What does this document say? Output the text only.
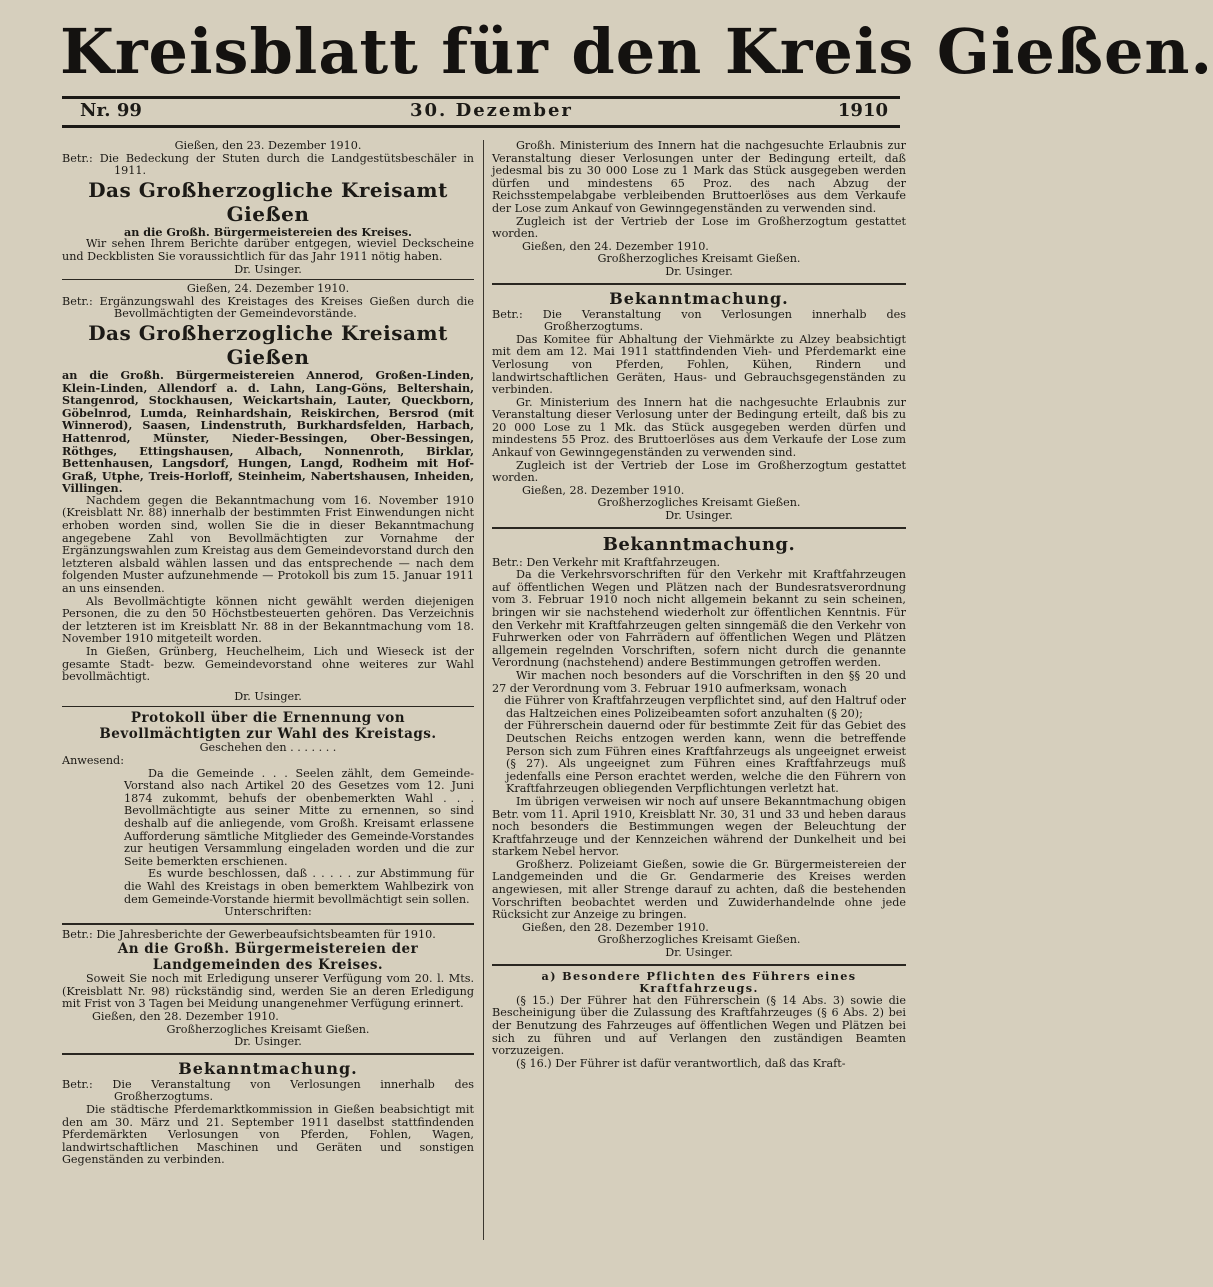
Kreisblatt für den Kreis Gießen.
Nr. 99	30. Dezember	1910

Gießen, den 23. Dezember 1910.

Betr.: Die Bedeckung der Stuten durch die Landgestütsbeschäler in 1911.

Das Großherzogliche Kreisamt Gießen

an die Großh. Bürgermeistereien des Kreises.

Wir sehen Ihrem Berichte darüber entgegen, wieviel Deckscheine und Deckblisten Sie voraussichtlich für das Jahr 1911 nötig haben.

Dr. Usinger.

Gießen, 24. Dezember 1910.

Betr.: Ergänzungswahl des Kreistages des Kreises Gießen durch die Bevollmächtigten der Gemeindevorstände.

Das Großherzogliche Kreisamt Gießen

an die Großh. Bürgermeistereien Annerod, Großen-Linden, Klein-Linden, Allendorf a. d. Lahn, Lang-Göns, Beltershain, Stangenrod, Stockhausen, Weickartshain, Lauter, Queckborn, Göbelnrod, Lumda, Reinhardshain, Reiskirchen, Bersrod (mit Winnerod), Saasen, Lindenstruth, Burkhardsfelden, Harbach, Hattenrod, Münster, Nieder-Bessingen, Ober-Bessingen, Röthges, Ettingshausen, Albach, Nonnenroth, Birklar, Bettenhausen, Langsdorf, Hungen, Langd, Rodheim mit Hof-Graß, Utphe, Treis-Horloff, Steinheim, Nabertshausen, Inheiden, Villingen.

Nachdem gegen die Bekanntmachung vom 16. November 1910 (Kreisblatt Nr. 88) innerhalb der bestimmten Frist Einwendungen nicht erhoben worden sind, wollen Sie die in dieser Bekanntmachung angegebene Zahl von Bevollmächtigten zur Vornahme der Ergänzungswahlen zum Kreistag aus dem Gemeindevorstand durch den letzteren alsbald wählen lassen und das entsprechende — nach dem folgenden Muster aufzunehmende — Protokoll bis zum 15. Januar 1911 an uns einsenden.

Als Bevollmächtigte können nicht gewählt werden diejenigen Personen, die zu den 50 Höchstbesteuerten gehören. Das Verzeichnis der letzteren ist im Kreisblatt Nr. 88 in der Bekanntmachung vom 18. November 1910 mitgeteilt worden.

In Gießen, Grünberg, Heuchelheim, Lich und Wieseck ist der gesamte Stadt- bezw. Gemeindevorstand ohne weiteres zur Wahl bevollmächtigt.

Dr. Usinger.

Protokoll über die Ernennung von Bevollmächtigten zur Wahl des Kreistags.

Geschehen den . . . . . . .

Anwesend:

Da die Gemeinde . . . Seelen zählt, dem Gemeinde-Vorstand also nach Artikel 20 des Gesetzes vom 12. Juni 1874 zukommt, behufs der obenbemerkten Wahl . . . Bevollmächtigte aus seiner Mitte zu ernennen, so sind deshalb auf die anliegende, vom Großh. Kreisamt erlassene Aufforderung sämtliche Mitglieder des Gemeinde-Vorstandes zur heutigen Versammlung eingeladen worden und die zur Seite bemerkten erschienen.

Es wurde beschlossen, daß . . . . . zur Abstimmung für die Wahl des Kreistags in oben bemerktem Wahlbezirk von dem Gemeinde-Vorstande hiermit bevollmächtigt sein sollen.

Unterschriften:

Betr.: Die Jahresberichte der Gewerbeaufsichtsbeamten für 1910.

An die Großh. Bürgermeistereien der Landgemeinden des Kreises.

Soweit Sie noch mit Erledigung unserer Verfügung vom 20. l. Mts. (Kreisblatt Nr. 98) rückständig sind, werden Sie an deren Erledigung mit Frist von 3 Tagen bei Meidung unangenehmer Verfügung erinnert.

Gießen, den 28. Dezember 1910.

Großherzogliches Kreisamt Gießen.

Dr. Usinger.

Bekanntmachung.

Betr.: Die Veranstaltung von Verlosungen innerhalb des Großherzogtums.

Die städtische Pferdemarktkommission in Gießen beabsichtigt mit den am 30. März und 21. September 1911 daselbst stattfindenden Pferdemärkten Verlosungen von Pferden, Fohlen, Wagen, landwirtschaftlichen Maschinen und Geräten und sonstigen Gegenständen zu verbinden.

Großh. Ministerium des Innern hat die nachgesuchte Erlaubnis zur Veranstaltung dieser Verlosungen unter der Bedingung erteilt, daß jedesmal bis zu 30 000 Lose zu 1 Mark das Stück ausgegeben werden dürfen und mindestens 65 Proz. des nach Abzug der Reichsstempelabgabe verbleibenden Bruttoerlöses aus dem Verkaufe der Lose zum Ankauf von Gewinngegenständen zu verwenden sind.

Zugleich ist der Vertrieb der Lose im Großherzogtum gestattet worden.

Gießen, den 24. Dezember 1910.

Großherzogliches Kreisamt Gießen.

Dr. Usinger.

Bekanntmachung.

Betr.: Die Veranstaltung von Verlosungen innerhalb des Großherzogtums.

Das Komitee für Abhaltung der Viehmärkte zu Alzey beabsichtigt mit dem am 12. Mai 1911 stattfindenden Vieh- und Pferdemarkt eine Verlosung von Pferden, Fohlen, Kühen, Rindern und landwirtschaftlichen Geräten, Haus- und Gebrauchsgegenständen zu verbinden.

Gr. Ministerium des Innern hat die nachgesuchte Erlaubnis zur Veranstaltung dieser Verlosung unter der Bedingung erteilt, daß bis zu 20 000 Lose zu 1 Mk. das Stück ausgegeben werden dürfen und mindestens 55 Proz. des Bruttoerlöses aus dem Verkaufe der Lose zum Ankauf von Gewinngegenständen zu verwenden sind.

Zugleich ist der Vertrieb der Lose im Großherzogtum gestattet worden.

Gießen, 28. Dezember 1910.

Großherzogliches Kreisamt Gießen.

Dr. Usinger.

Bekanntmachung.

Betr.: Den Verkehr mit Kraftfahrzeugen.

Da die Verkehrsvorschriften für den Verkehr mit Kraftfahrzeugen auf öffentlichen Wegen und Plätzen nach der Bundesratsverordnung vom 3. Februar 1910 noch nicht allgemein bekannt zu sein scheinen, bringen wir sie nachstehend wiederholt zur öffentlichen Kenntnis. Für den Verkehr mit Kraftfahrzeugen gelten sinngemäß die den Verkehr von Fuhrwerken oder von Fahrrädern auf öffentlichen Wegen und Plätzen allgemein regelnden Vorschriften, sofern nicht durch die genannte Verordnung (nachstehend) andere Bestimmungen getroffen werden.

Wir machen noch besonders auf die Vorschriften in den §§ 20 und 27 der Verordnung vom 3. Februar 1910 aufmerksam, wonach

die Führer von Kraftfahrzeugen verpflichtet sind, auf den Haltruf oder das Haltzeichen eines Polizeibeamten sofort anzuhalten (§ 20);

der Führerschein dauernd oder für bestimmte Zeit für das Gebiet des Deutschen Reichs entzogen werden kann, wenn die betreffende Person sich zum Führen eines Kraftfahrzeugs als ungeeignet erweist (§ 27). Als ungeeignet zum Führen eines Kraftfahrzeugs muß jedenfalls eine Person erachtet werden, welche die den Führern von Kraftfahrzeugen obliegenden Verpflichtungen verletzt hat.

Im übrigen verweisen wir noch auf unsere Bekanntmachung obigen Betr. vom 11. April 1910, Kreisblatt Nr. 30, 31 und 33 und heben daraus noch besonders die Bestimmungen wegen der Beleuchtung der Kraftfahrzeuge und der Kennzeichen während der Dunkelheit und bei starkem Nebel hervor.

Großherz. Polizeiamt Gießen, sowie die Gr. Bürgermeistereien der Landgemeinden und die Gr. Gendarmerie des Kreises werden angewiesen, mit aller Strenge darauf zu achten, daß die bestehenden Vorschriften beobachtet werden und Zuwiderhandelnde ohne jede Rücksicht zur Anzeige zu bringen.

Gießen, den 28. Dezember 1910.

Großherzogliches Kreisamt Gießen.

Dr. Usinger.

a) Besondere Pflichten des Führers eines Kraftfahrzeugs.

(§ 15.) Der Führer hat den Führerschein (§ 14 Abs. 3) sowie die Bescheinigung über die Zulassung des Kraftfahrzeuges (§ 6 Abs. 2) bei der Benutzung des Fahrzeuges auf öffentlichen Wegen und Plätzen bei sich zu führen und auf Verlangen den zuständigen Beamten vorzuzeigen.

(§ 16.) Der Führer ist dafür verantwortlich, daß das Kraft-
